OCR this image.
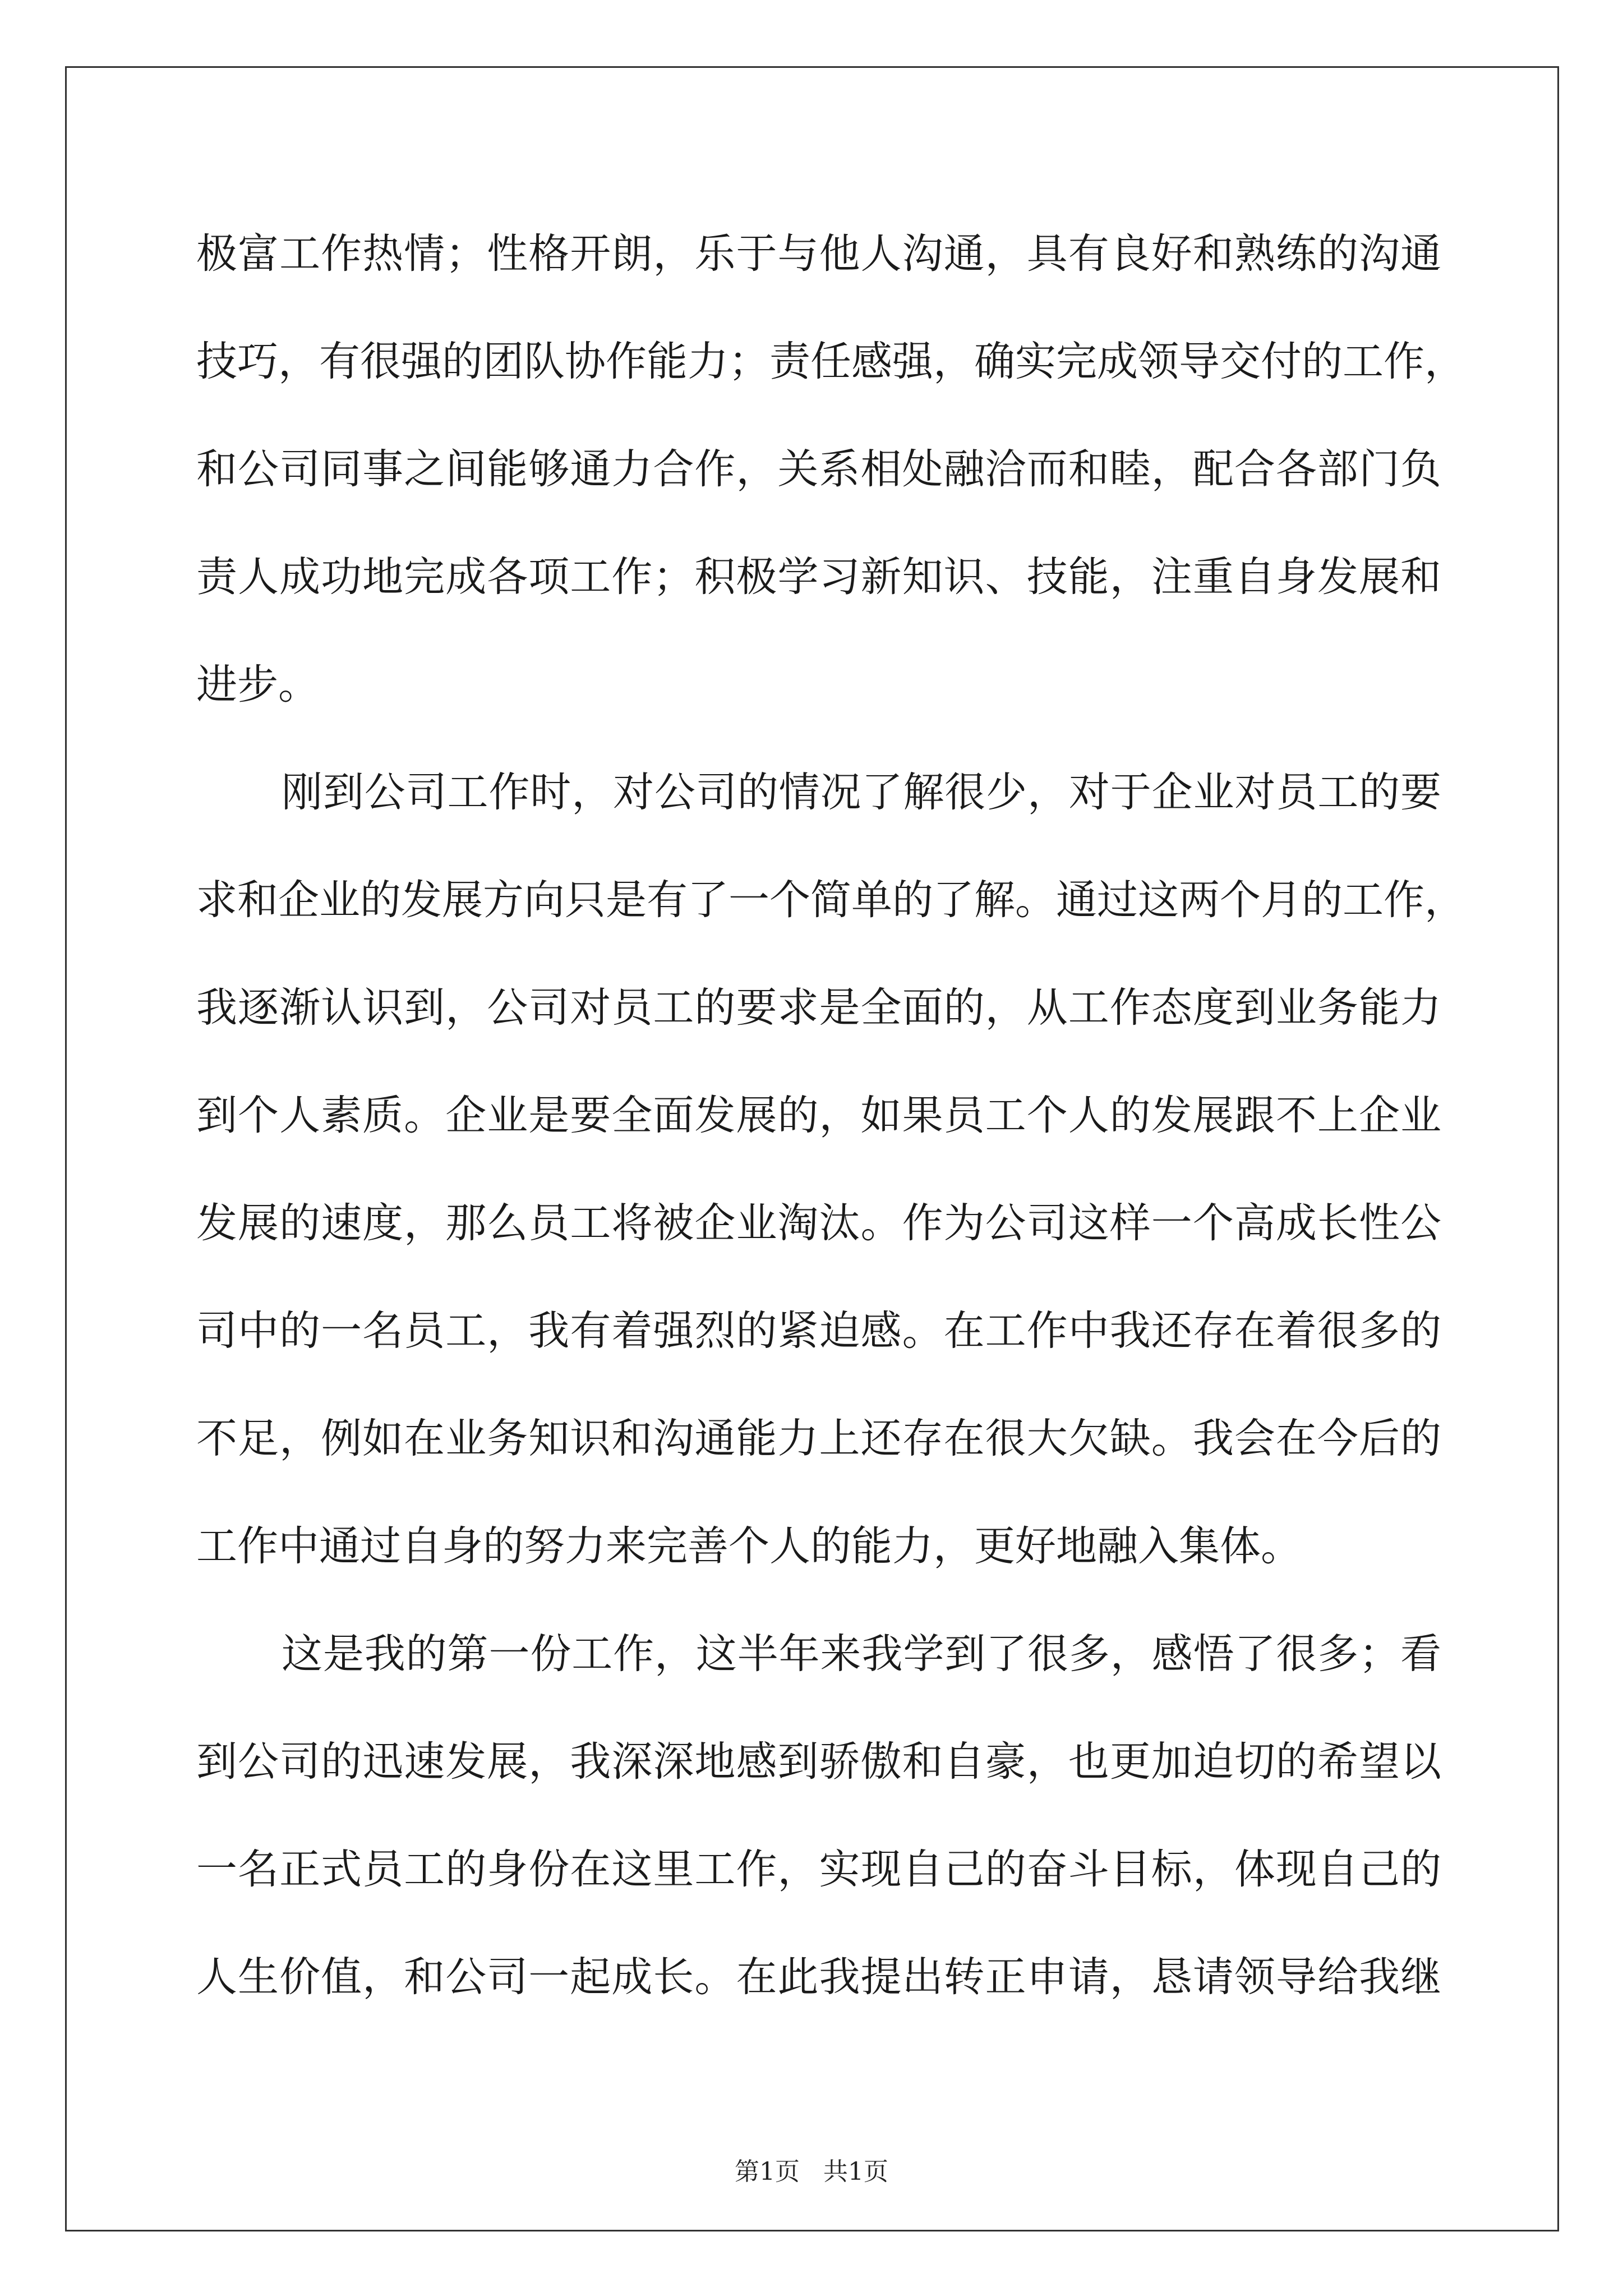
极富工作热情；性格开朗，乐于与他人沟通，具有良好和熟练的沟通
技巧，有很强的团队协作能力；责任感强，确实完成领导交付的工作，
和公司同事之间能够通力合作，关系相处融洽而和睦，配合各部门负
责人成功地完成各项工作；积极学习新知识、技能，注重自身发展和
进步。
刚到公司工作时，对公司的情况了解很少，对于企业对员工的要
求和企业的发展方向只是有了一个简单的了解。通过这两个月的工作，
我逐渐认识到，公司对员工的要求是全面的，从工作态度到业务能力
到个人素质。企业是要全面发展的，如果员工个人的发展跟不上企业
发展的速度，那么员工将被企业淘汰。作为公司这样一个高成长性公
司中的一名员工，我有着强烈的紧迫感。在工作中我还存在着很多的
不足，例如在业务知识和沟通能力上还存在很大欠缺。我会在今后的
工作中通过自身的努力来完善个人的能力，更好地融入集体。
这是我的第一份工作，这半年来我学到了很多，感悟了很多；看
到公司的迅速发展，我深深地感到骄傲和自豪，也更加迫切的希望以
一名正式员工的身份在这里工作，实现自己的奋斗目标，体现自己的
人生价值，和公司一起成长。在此我提出转正申请，恳请领导给我继
第1页   共1页
